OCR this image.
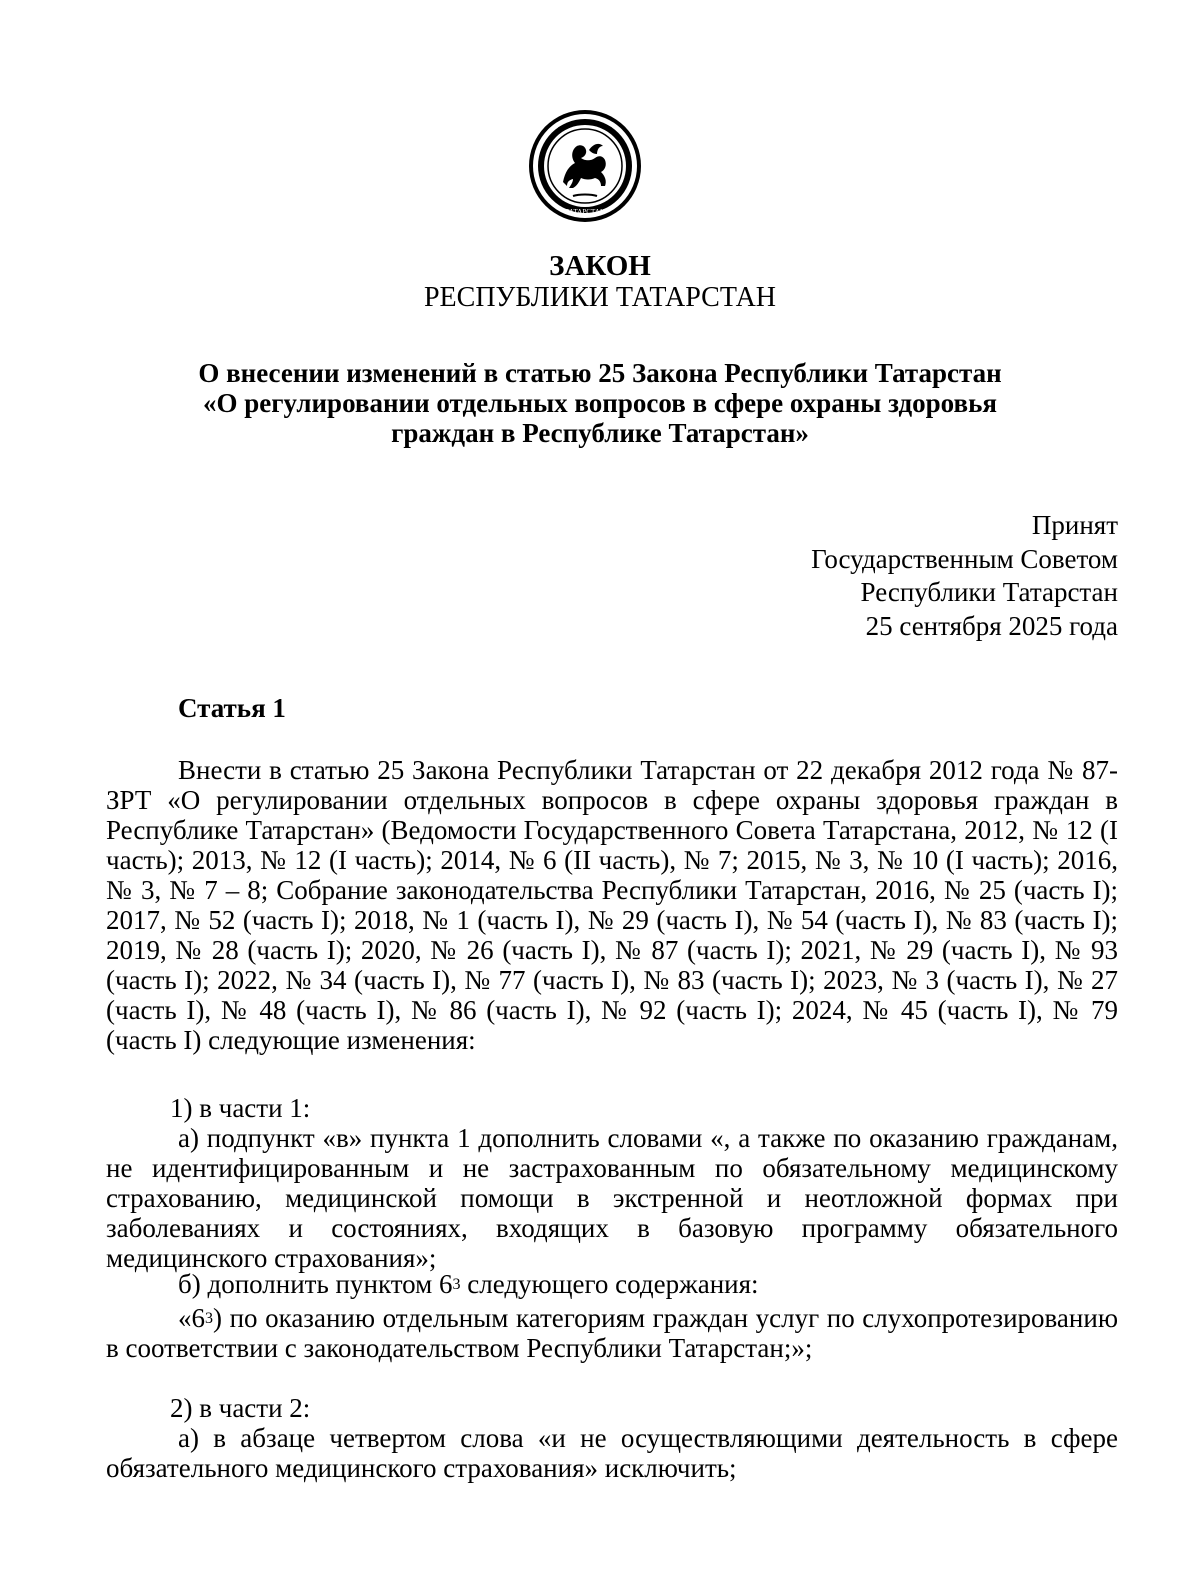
ТАТАРСТАН
ЗАКОН
РЕСПУБЛИКИ ТАТАРСТАН
О внесении изменений в статью 25 Закона Республики Татарстан
«О регулировании отдельных вопросов в сфере охраны здоровья
граждан в Республике Татарстан»
Принят
Государственным Советом
Республики Татарстан
25 сентября 2025 года
Статья 1
Внести в статью 25 Закона Республики Татарстан от 22 декабря 2012 года № 87-ЗРТ «О регулировании отдельных вопросов в сфере охраны здоровья граждан в Республике Татарстан» (Ведомости Государственного Совета Татарстана, 2012, № 12 (I часть); 2013, № 12 (I часть); 2014, № 6 (II часть), № 7; 2015, № 3, № 10 (I часть); 2016, № 3, № 7 – 8; Собрание законодательства Республики Татарстан, 2016, № 25 (часть I); 2017, № 52 (часть I); 2018, № 1 (часть I), № 29 (часть I), № 54 (часть I), № 83 (часть I); 2019, № 28 (часть I); 2020, № 26 (часть I), № 87 (часть I); 2021, № 29 (часть I), № 93 (часть I); 2022, № 34 (часть I), № 77 (часть I), № 83 (часть I); 2023, № 3 (часть I), № 27 (часть I), № 48 (часть I), № 86 (часть I), № 92 (часть I); 2024, № 45 (часть I), № 79 (часть I) следующие изменения:
1) в части 1:
а) подпункт «в» пункта 1 дополнить словами «, а также по оказанию гражданам, не идентифицированным и не застрахованным по обязательному медицинскому страхованию, медицинской помощи в экстренной и неотложной формах при заболеваниях и состояниях, входящих в базовую программу обязательного медицинского страхования»;
б) дополнить пунктом $6^3$ следующего содержания:
«$6^3$) по оказанию отдельным категориям граждан услуг по слухопротезированию в соответствии с законодательством Республики Татарстан;»;
2) в части 2:
а) в абзаце четвертом слова «и не осуществляющими деятельность в сфере обязательного медицинского страхования» исключить;
